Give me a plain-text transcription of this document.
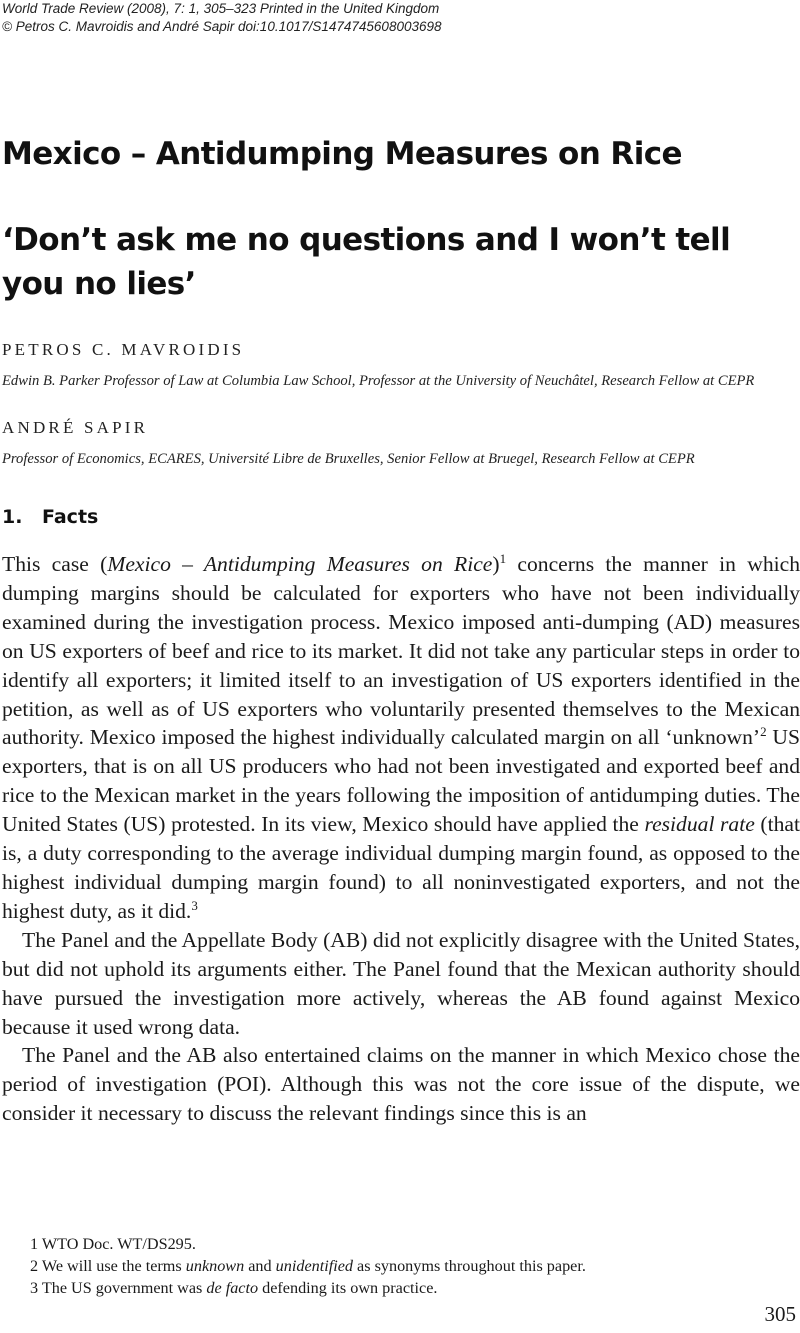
World Trade Review (2008), 7: 1, 305–323 Printed in the United Kingdom
© Petros C. Mavroidis and André Sapir doi:10.1017/S1474745608003698
Mexico – Antidumping Measures on Rice
‘Don’t ask me no questions and I won’t tell you no lies’
PETROS C. MAVROIDIS
Edwin B. Parker Professor of Law at Columbia Law School, Professor at the University of Neuchâtel, Research Fellow at CEPR
ANDRÉ SAPIR
Professor of Economics, ECARES, Université Libre de Bruxelles, Senior Fellow at Bruegel, Research Fellow at CEPR
1. Facts

This case (Mexico – Antidumping Measures on Rice)$^1$ concerns the manner in which dumping margins should be calculated for exporters who have not been individually examined during the investigation process. Mexico imposed anti-dumping (AD) measures on US exporters of beef and rice to its market. It did not take any particular steps in order to identify all exporters; it limited itself to an investigation of US exporters identified in the petition, as well as of US exporters who voluntarily presented themselves to the Mexican authority. Mexico imposed the highest individually calculated margin on all ‘unknown’$^2$ US exporters, that is on all US producers who had not been investigated and exported beef and rice to the Mexican market in the years following the imposition of antidumping duties. The United States (US) protested. In its view, Mexico should have applied the residual rate (that is, a duty corresponding to the average individual dumping margin found, as opposed to the highest individual dumping margin found) to all noninvestigated exporters, and not the highest duty, as it did.$^3$

The Panel and the Appellate Body (AB) did not explicitly disagree with the United States, but did not uphold its arguments either. The Panel found that the Mexican authority should have pursued the investigation more actively, whereas the AB found against Mexico because it used wrong data.

The Panel and the AB also entertained claims on the manner in which Mexico chose the period of investigation (POI). Although this was not the core issue of the dispute, we consider it necessary to discuss the relevant findings since this is an

1 WTO Doc. WT/DS295.
2 We will use the terms unknown and unidentified as synonyms throughout this paper.
3 The US government was de facto defending its own practice.
305
